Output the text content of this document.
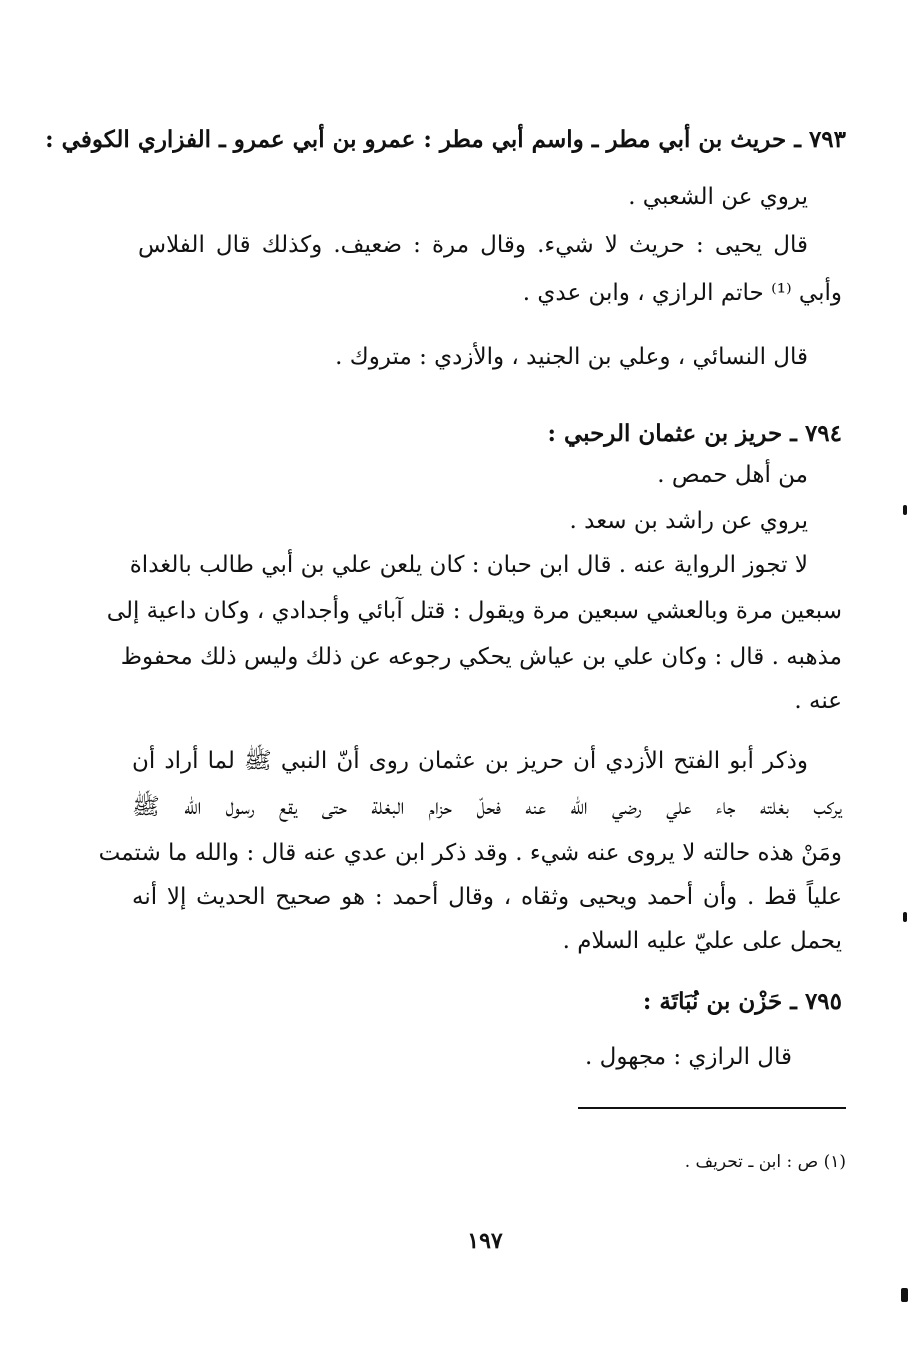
٧٩٣ ـ حريث بن أبي مطر ـ واسم أبي مطر : عمرو بن أبي عمرو ـ الفزاري الكوفي :
يروي عن الشعبي .
قال يحيى : حريث لا شيء. وقال مرة : ضعيف. وكذلك قال الفلاس
وأبي ⁽¹⁾ حاتم الرازي ، وابن عدي .
قال النسائي ، وعلي بن الجنيد ، والأزدي : متروك .
٧٩٤ ـ حريز بن عثمان الرحبي :
من أهل حمص .
يروي عن راشد بن سعد .
لا تجوز الرواية عنه . قال ابن حبان : كان يلعن علي بن أبي طالب بالغداة
سبعين مرة وبالعشي سبعين مرة ويقول : قتل آبائي وأجدادي ، وكان داعية إلى
مذهبه . قال : وكان علي بن عياش يحكي رجوعه عن ذلك وليس ذلك محفوظ
عنه .
وذكر أبو الفتح الأزدي أن حريز بن عثمان روى أنّ النبي ﷺ لما أراد أن
يركب بغلته جاء علي رضي الله عنه فحلّ حزام البغلة حتى يقع رسول الله ﷺ
ومَنْ هذه حالته لا يروى عنه شيء . وقد ذكر ابن عدي عنه قال : والله ما شتمت
علياً قط . وأن أحمد ويحيى وثقاه ، وقال أحمد : هو صحيح الحديث إلا أنه
يحمل على عليّ عليه السلام .
٧٩٥ ـ حَزْن بن نُبَاتَة :
قال الرازي : مجهول .
(١) ص : ابن ـ تحريف .
١٩٧
